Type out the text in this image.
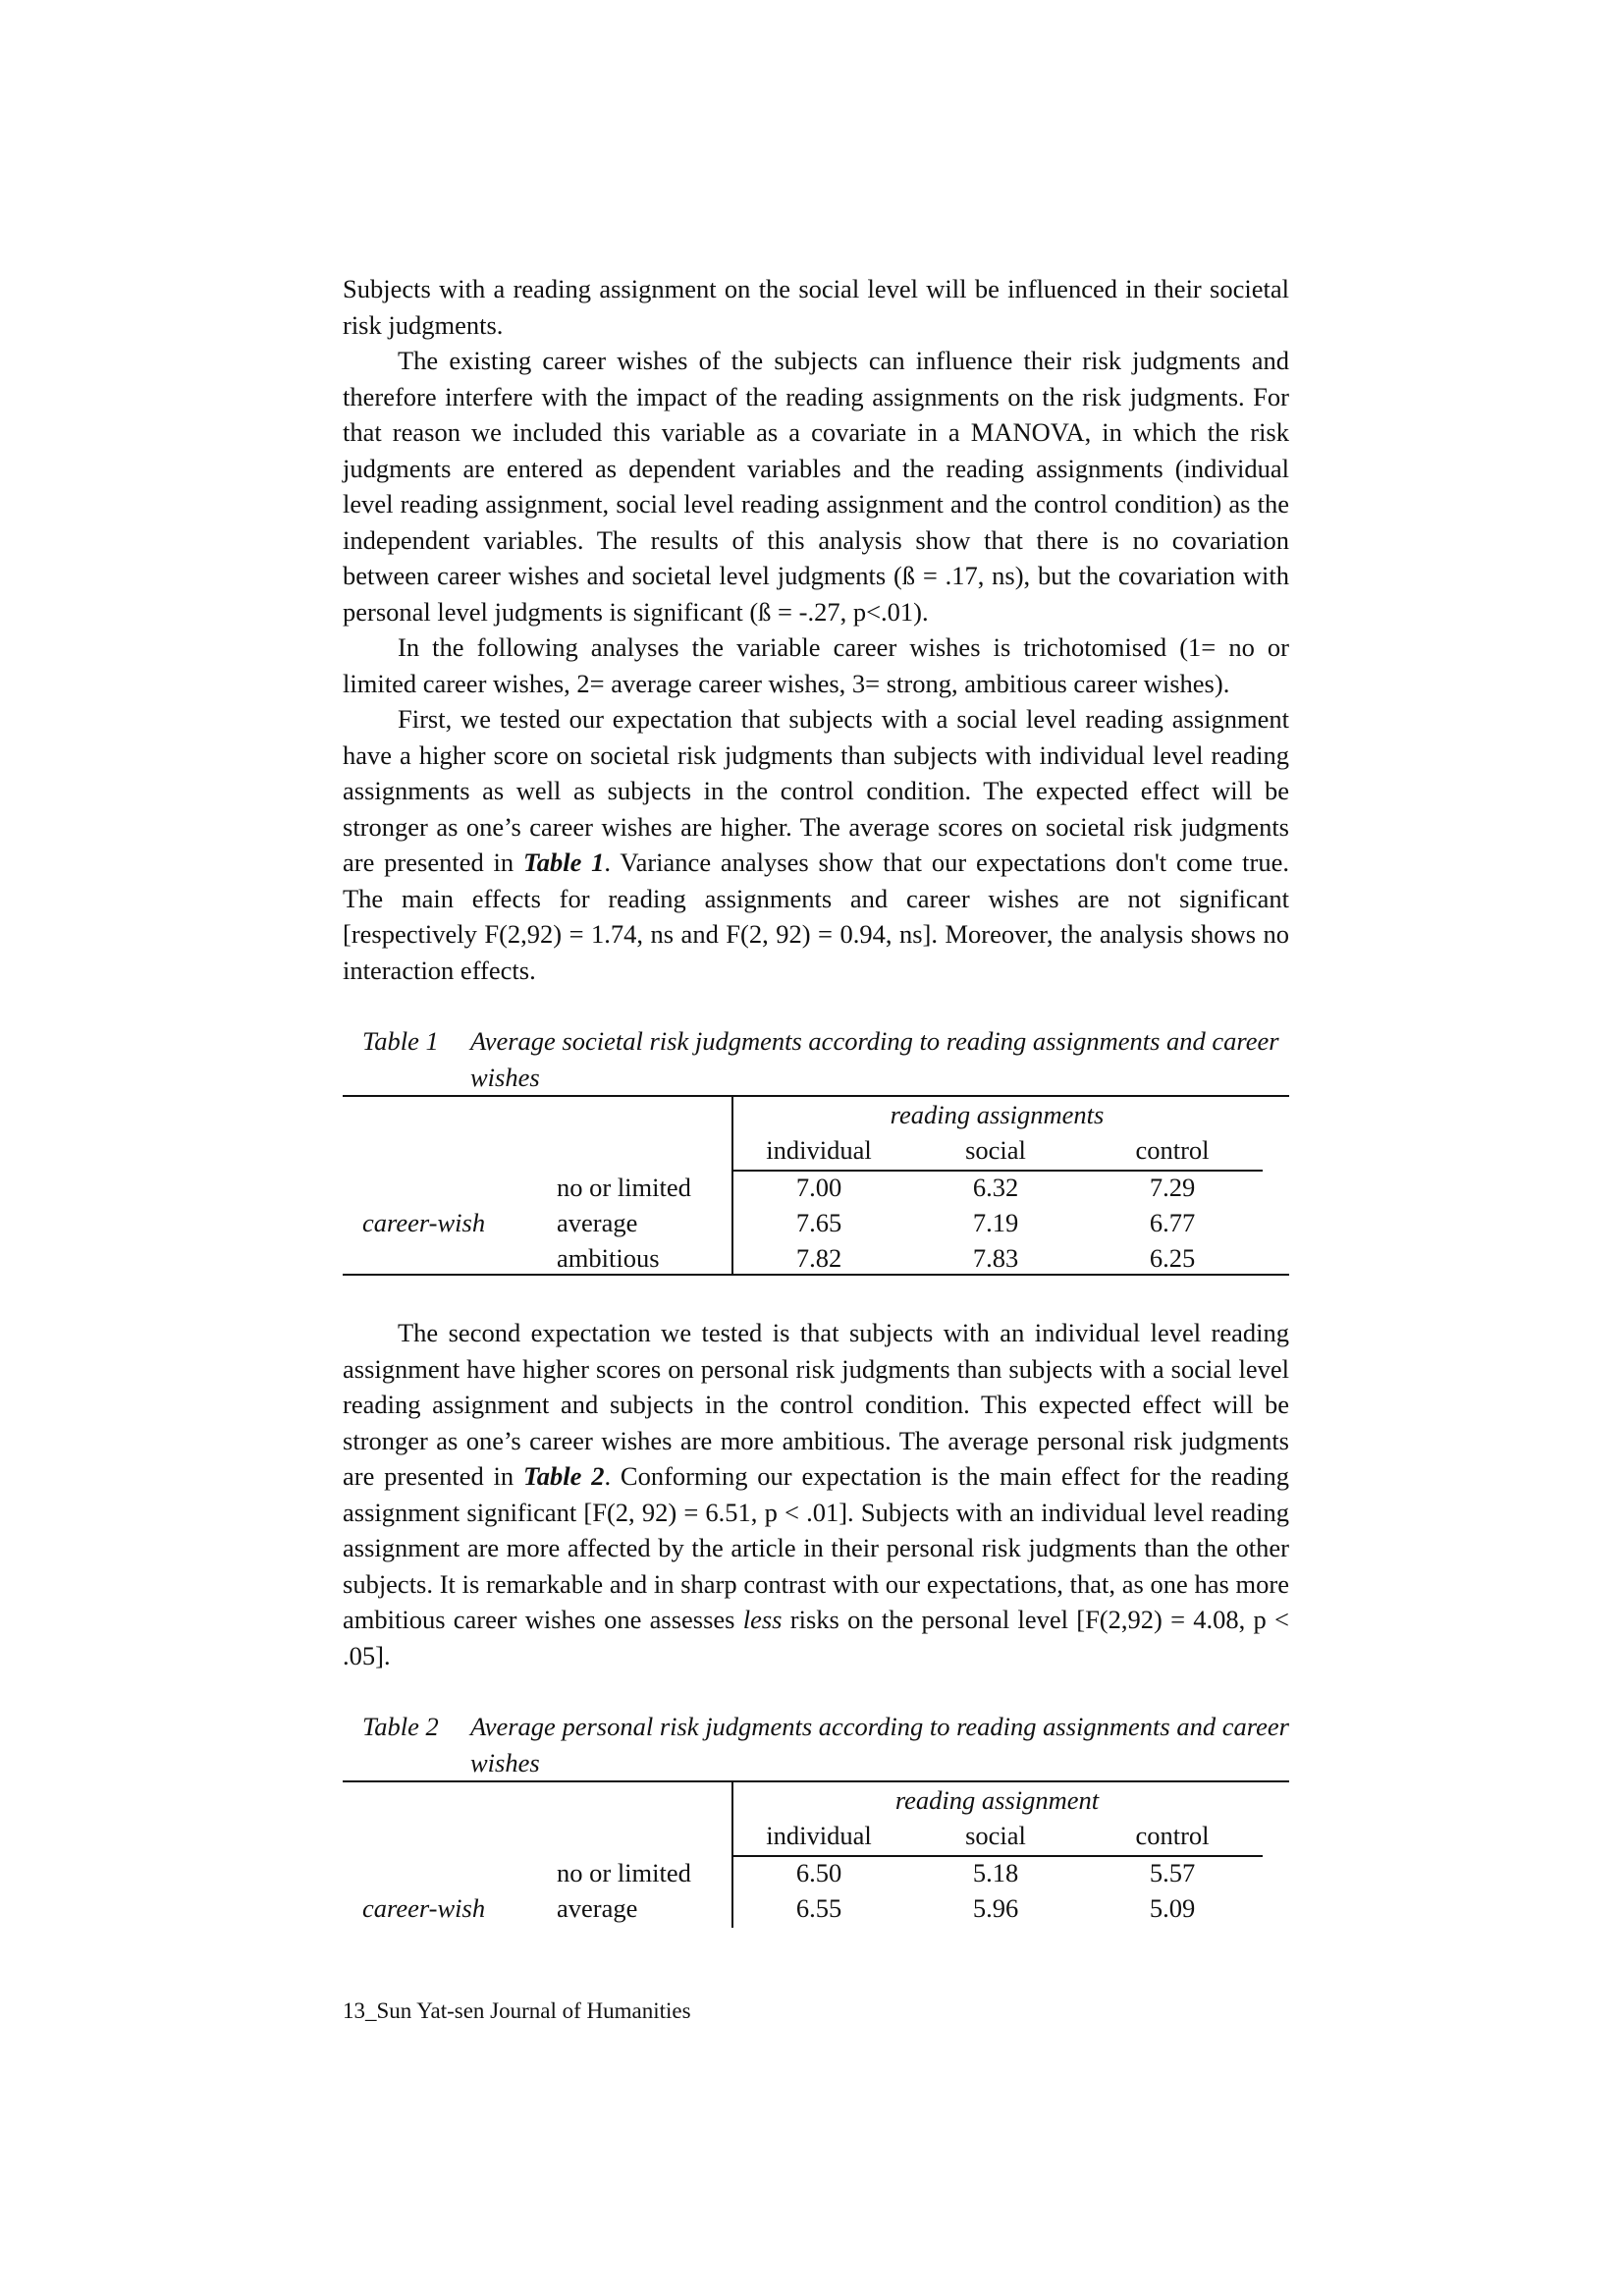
Subjects with a reading assignment on the social level will be influenced in their societal risk judgments.

The existing career wishes of the subjects can influence their risk judgments and therefore interfere with the impact of the reading assignments on the risk judgments. For that reason we included this variable as a covariate in a MANOVA, in which the risk judgments are entered as dependent variables and the reading assignments (individual level reading assignment, social level reading assignment and the control condition) as the independent variables. The results of this analysis show that there is no covariation between career wishes and societal level judgments (ß = .17, ns), but the covariation with personal level judgments is significant (ß = -.27, p<.01).

In the following analyses the variable career wishes is trichotomised (1= no or limited career wishes, 2= average career wishes, 3= strong, ambitious career wishes).

First, we tested our expectation that subjects with a social level reading assignment have a higher score on societal risk judgments than subjects with individual level reading assignments as well as subjects in the control condition. The expected effect will be stronger as one’s career wishes are higher. The average scores on societal risk judgments are presented in Table 1. Variance analyses show that our expectations don't come true. The main effects for reading assignments and career wishes are not significant [respectively F(2,92) = 1.74, ns and F(2, 92) = 0.94, ns]. Moreover, the analysis shows no interaction effects.

Table 1 Average societal risk judgments according to reading assignments and career wishes
reading assignments
individual	social	control
career-wish
no or limited	7.00	6.32	7.29
average	7.65	7.19	6.77
ambitious	7.82	7.83	6.25

The second expectation we tested is that subjects with an individual level reading assignment have higher scores on personal risk judgments than subjects with a social level reading assignment and subjects in the control condition. This expected effect will be stronger as one’s career wishes are more ambitious. The average personal risk judgments are presented in Table 2. Conforming our expectation is the main effect for the reading assignment significant [F(2, 92) = 6.51, p < .01]. Subjects with an individual level reading assignment are more affected by the article in their personal risk judgments than the other subjects. It is remarkable and in sharp contrast with our expectations, that, as one has more ambitious career wishes one assesses less risks on the personal level [F(2,92) = 4.08, p < .05].

Table 2 Average personal risk judgments according to reading assignments and career wishes
reading assignment
individual	social	control
career-wish
no or limited	6.50	5.18	5.57
average	6.55	5.96	5.09
13_Sun Yat-sen Journal of Humanities
